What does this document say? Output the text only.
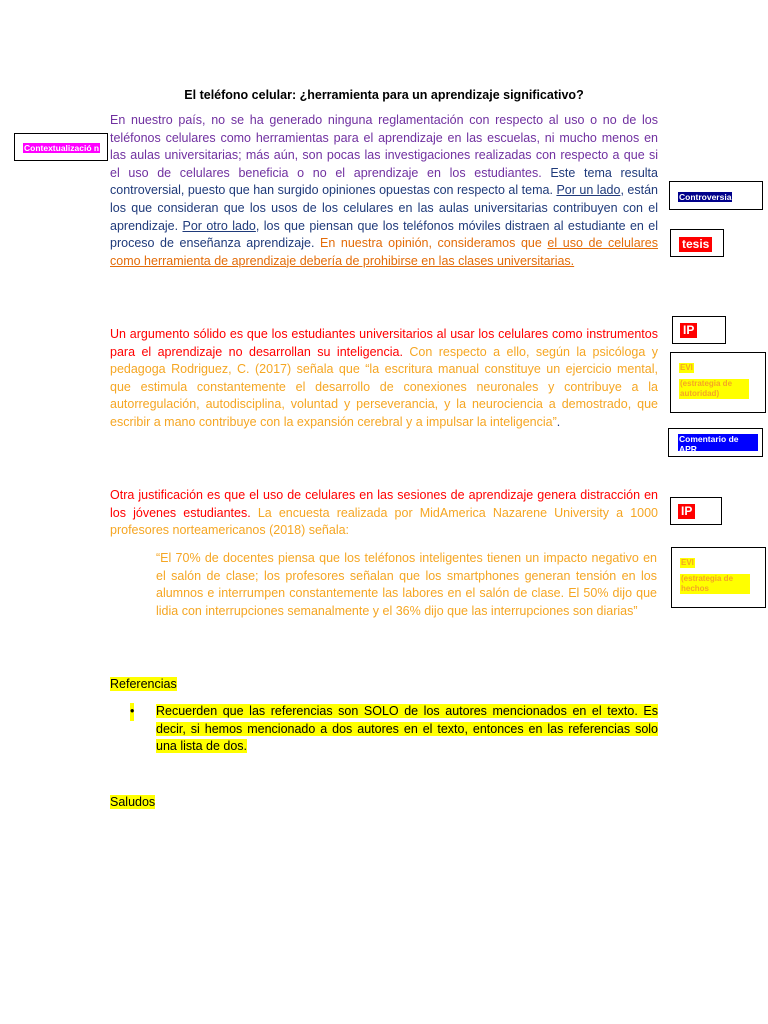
El teléfono celular: ¿herramienta para un aprendizaje significativo?

En nuestro país, no se ha generado ninguna reglamentación con respecto al uso o no de los teléfonos celulares como herramientas para el aprendizaje en las escuelas, ni mucho menos en las aulas universitarias; más aún, son pocas las investigaciones realizadas con respecto a que si el uso de celulares beneficia o no el aprendizaje en los estudiantes. Este tema resulta controversial, puesto que han surgido opiniones opuestas con respecto al tema. Por un lado, están los que consideran que los usos de los celulares en las aulas universitarias contribuyen con el aprendizaje. Por otro lado, los que piensan que los teléfonos móviles distraen al estudiante en el proceso de enseñanza aprendizaje. En nuestra opinión, consideramos que el uso de celulares como herramienta de aprendizaje debería de prohibirse en las clases universitarias.

Un argumento sólido es que los estudiantes universitarios al usar los celulares como instrumentos para el aprendizaje no desarrollan su inteligencia. Con respecto a ello, según la psicóloga y pedagoga Rodriguez, C. (2017) señala que “la escritura manual constituye un ejercicio mental, que estimula constantemente el desarrollo de conexiones neuronales y contribuye a la autorregulación, autodisciplina, voluntad y perseverancia, y la neurociencia a demostrado, que escribir a mano contribuye con la expansión cerebral y a impulsar la inteligencia”.

Otra justificación es que el uso de celulares en las sesiones de aprendizaje genera distracción en los jóvenes estudiantes. La encuesta realizada por MidAmerica Nazarene University a 1000 profesores norteamericanos (2018) señala:

“El 70% de docentes piensa que los teléfonos inteligentes tienen un impacto negativo en el salón de clase; los profesores señalan que los smartphones generan tensión en los alumnos e interrumpen constantemente las labores en el salón de clase. El 50% dijo que lidia con interrupciones semanalmente y el 36% dijo que las interrupciones son diarias”

Referencias
• Recuerden que las referencias son SOLO de los autores mencionados en el texto. Es decir, si hemos mencionado a dos autores en el texto, entonces en las referencias solo una lista de dos.

Saludos
Contextualizació n
Controversia
tesis
IP
EVI
(estrategia de autoridad)
Comentario de APR
IP
EVI
(estrategia de hechos
